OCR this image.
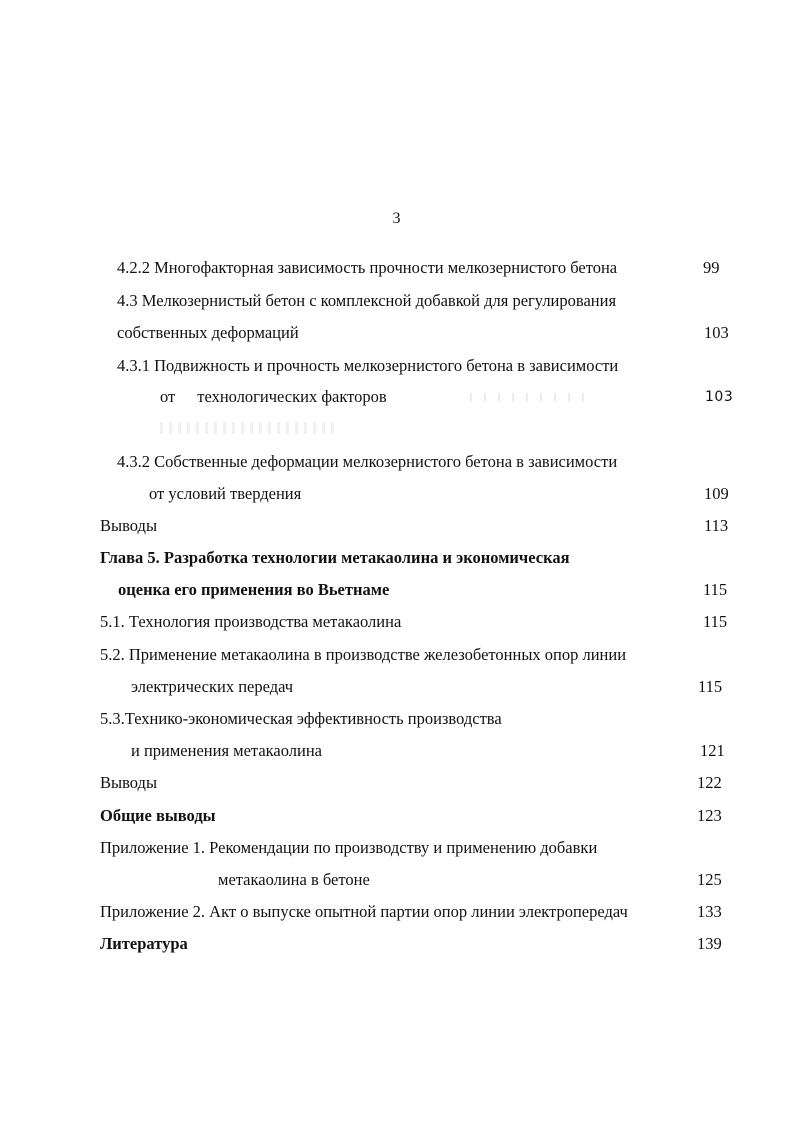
3
4.2.2 Многофакторная зависимость прочности мелкозернистого бетона	99
4.3 Мелкозернистый бетон с комплексной добавкой для регулирования
собственных деформаций	103
4.3.1 Подвижность и прочность мелкозернистого бетона в зависимости
от технологических факторов	103
4.3.2 Собственные деформации мелкозернистого бетона в зависимости
от условий твердения	109
Выводы	113
Глава 5. Разработка технологии метакаолина и экономическая
оценка его применения во Вьетнаме	115
5.1. Технология производства метакаолина	115
5.2. Применение метакаолина в производстве железобетонных опор линии
электрических передач	115
5.3.Технико-экономическая эффективность производства
и применения метакаолина	121
Выводы	122
Общие выводы	123
Приложение 1. Рекомендации по производству и применению добавки
метакаолина в бетоне	125
Приложение 2. Акт о выпуске опытной партии опор линии электропередач	133
Литература	139
